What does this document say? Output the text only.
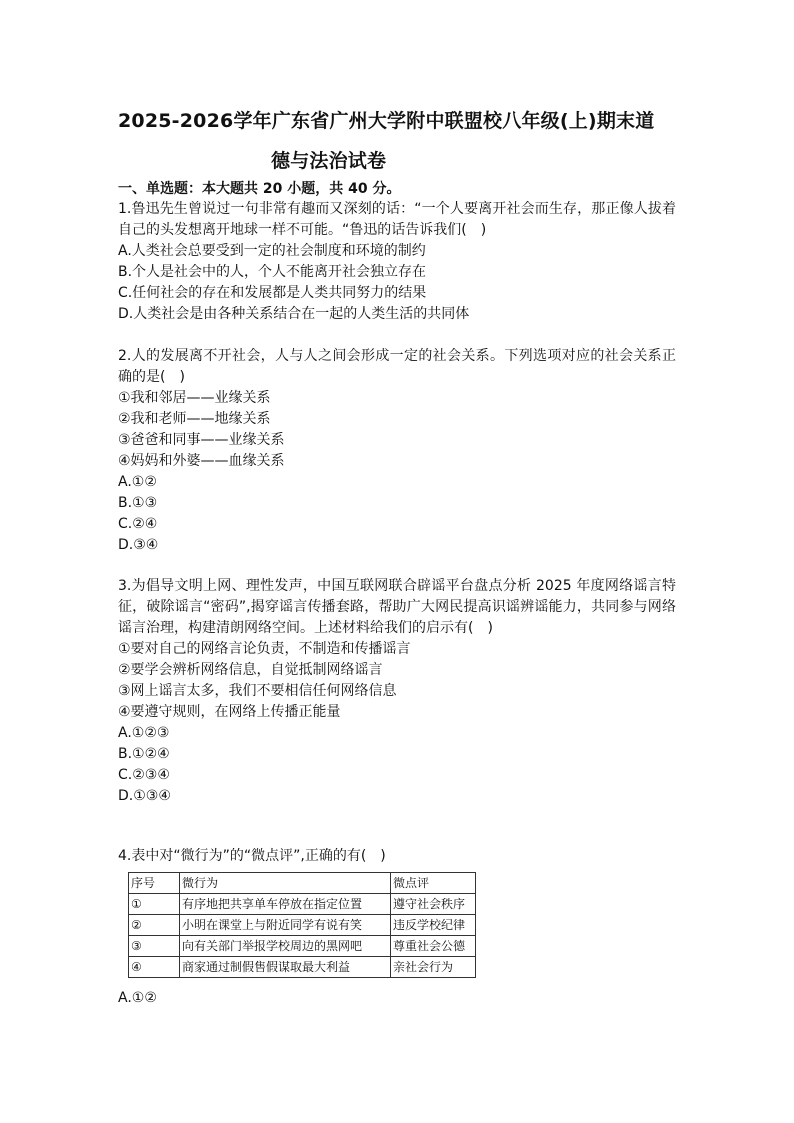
2025-2026学年广东省广州大学附中联盟校八年级(上)期末道
德与法治试卷
一、单选题：本大题共 20 小题，共 40 分。
1.鲁迅先生曾说过一句非常有趣而又深刻的话：“一个人要离开社会而生存，那正像人拔着自己的头发想离开地球一样不可能。“鲁迅的话告诉我们(　)
A.人类社会总要受到一定的社会制度和环境的制约
B.个人是社会中的人，个人不能离开社会独立存在
C.任何社会的存在和发展都是人类共同努力的结果
D.人类社会是由各种关系结合在一起的人类生活的共同体
2.人的发展离不开社会，人与人之间会形成一定的社会关系。下列选项对应的社会关系正确的是(　)
①我和邻居——业缘关系
②我和老师——地缘关系
③爸爸和同事——业缘关系
④妈妈和外婆——血缘关系
A.①②
B.①③
C.②④
D.③④
3.为倡导文明上网、理性发声，中国互联网联合辟谣平台盘点分析 2025 年度网络谣言特征，破除谣言“密码”,揭穿谣言传播套路，帮助广大网民提高识谣辨谣能力，共同参与网络谣言治理，构建清朗网络空间。上述材料给我们的启示有(　)
①要对自己的网络言论负责，不制造和传播谣言
②要学会辨析网络信息，自觉抵制网络谣言
③网上谣言太多，我们不要相信任何网络信息
④要遵守规则，在网络上传播正能量
A.①②③
B.①②④
C.②③④
D.①③④
4.表中对“微行为”的“微点评”,正确的有(　)
序号	微行为	微点评
①	有序地把共享单车停放在指定位置	遵守社会秩序
②	小明在课堂上与附近同学有说有笑	违反学校纪律
③	向有关部门举报学校周边的黑网吧	尊重社会公德
④	商家通过制假售假谋取最大利益	亲社会行为
A.①②
